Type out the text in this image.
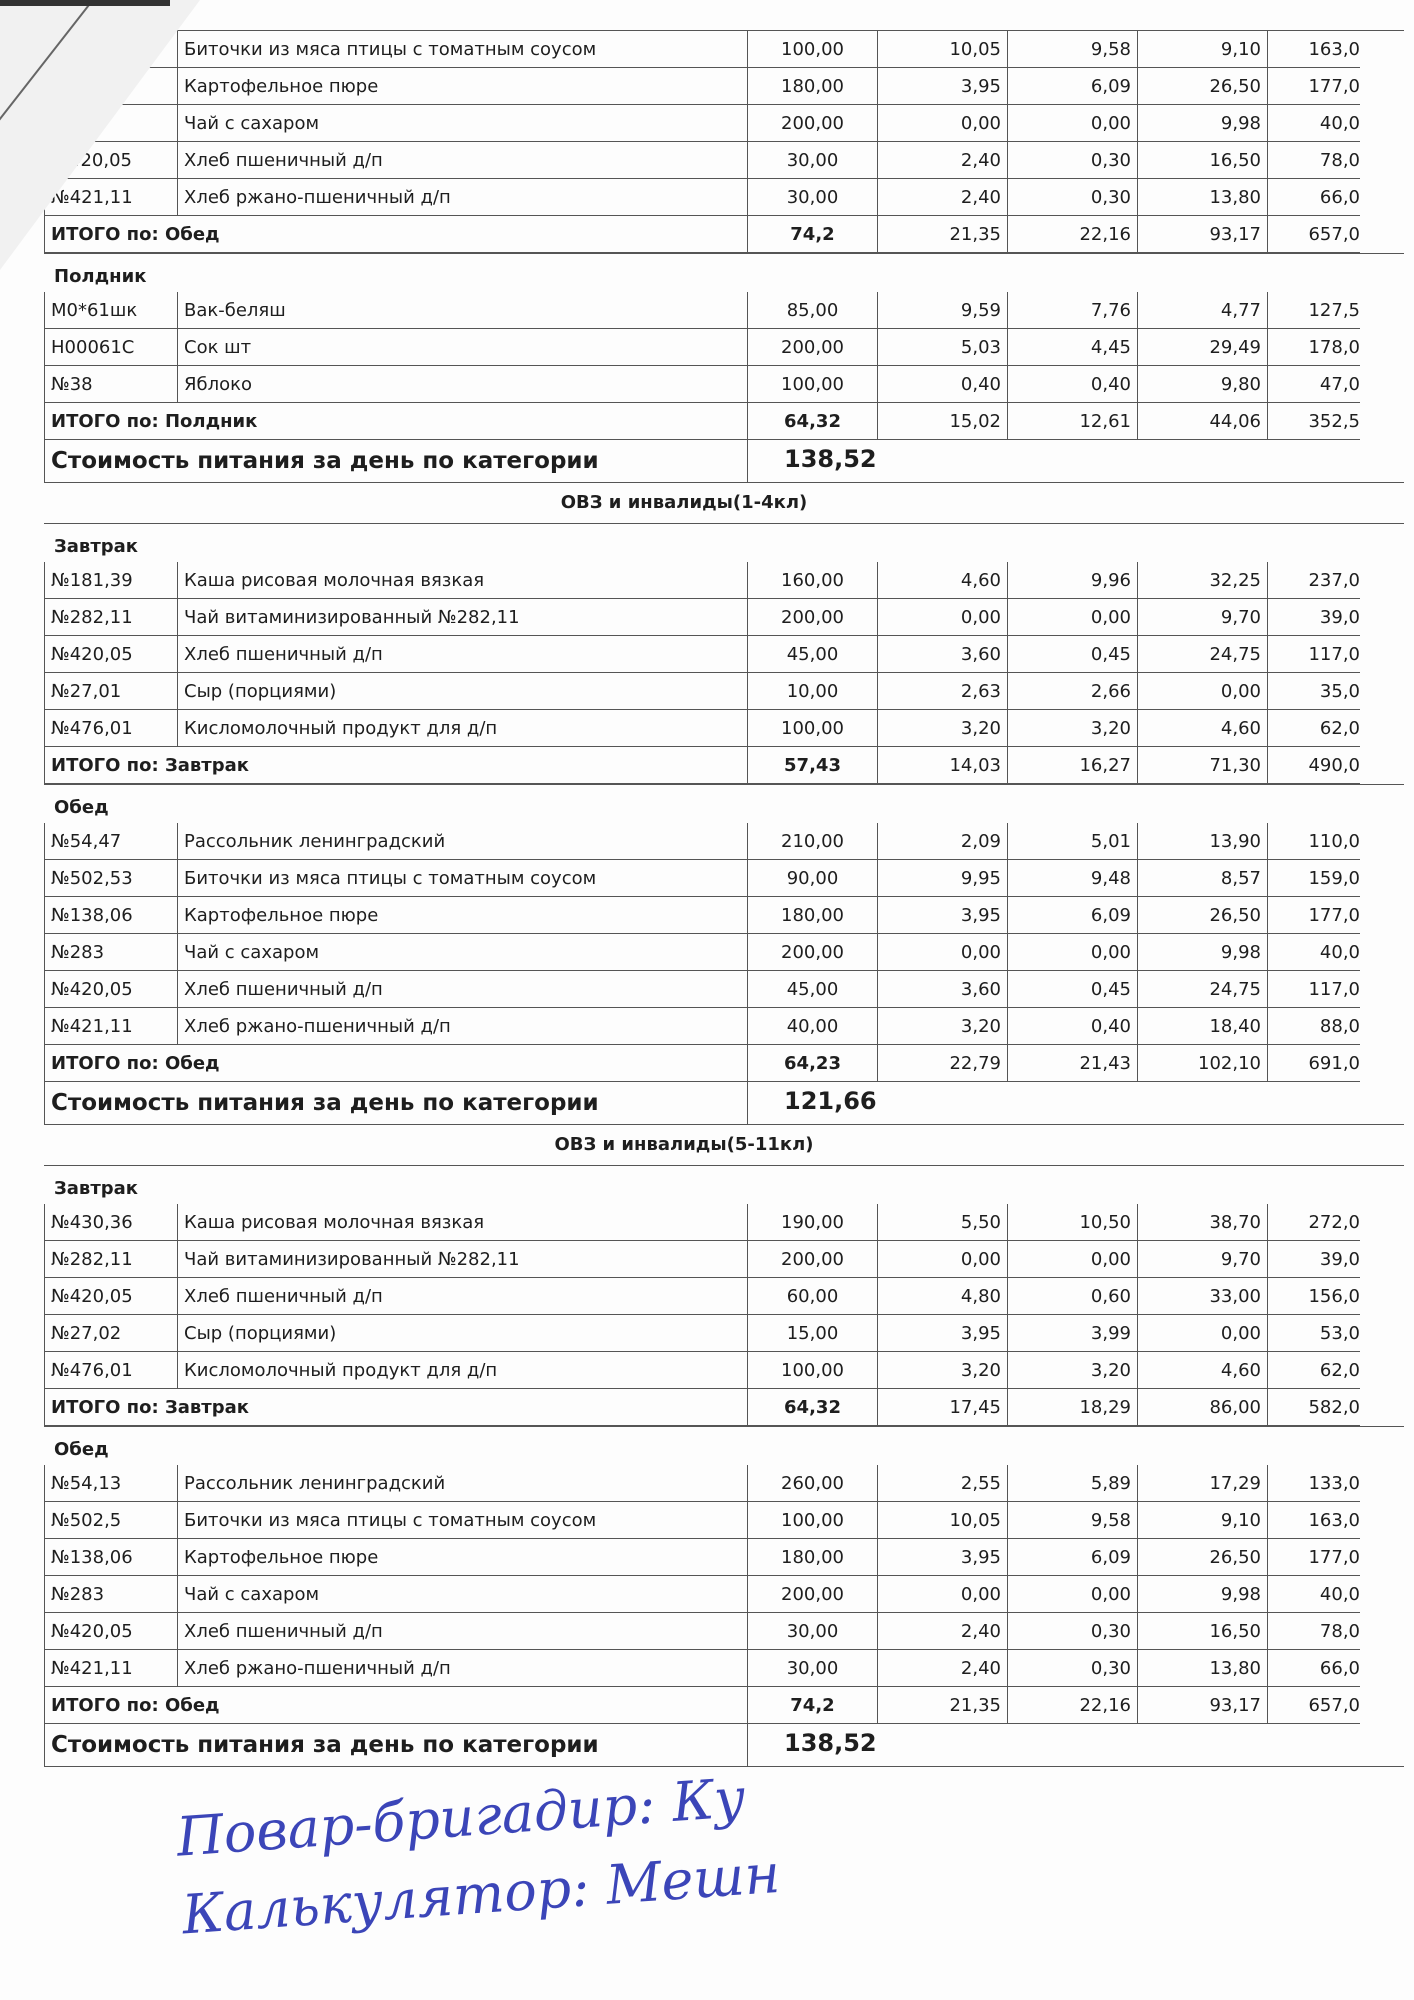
Биточки из мяса птицы с томатным соусом	100,00	10,05	9,58	9,10	163,0
…06	Картофельное пюре	180,00	3,95	6,09	26,50	177,0
…3	Чай с сахаром	200,00	0,00	0,00	9,98	40,0
…420,05	Хлеб пшеничный д/п	30,00	2,40	0,30	16,50	78,0
№421,11	Хлеб ржано-пшеничный д/п	30,00	2,40	0,30	13,80	66,0
ИТОГО по: Обед	74,2	21,35	22,16	93,17	657,0
Полдник
М0*61шк	Вак-беляш	85,00	9,59	7,76	4,77	127,5
Н00061С	Сок шт	200,00	5,03	4,45	29,49	178,0
№38	Яблоко	100,00	0,40	0,40	9,80	47,0
ИТОГО по: Полдник	64,32	15,02	12,61	44,06	352,5
Стоимость питания за день по категории	138,52
ОВЗ и инвалиды(1-4кл)
Завтрак
№181,39	Каша рисовая молочная вязкая	160,00	4,60	9,96	32,25	237,0
№282,11	Чай витаминизированный №282,11	200,00	0,00	0,00	9,70	39,0
№420,05	Хлеб пшеничный д/п	45,00	3,60	0,45	24,75	117,0
№27,01	Сыр (порциями)	10,00	2,63	2,66	0,00	35,0
№476,01	Кисломолочный продукт для д/п	100,00	3,20	3,20	4,60	62,0
ИТОГО по: Завтрак	57,43	14,03	16,27	71,30	490,0
Обед
№54,47	Рассольник ленинградский	210,00	2,09	5,01	13,90	110,0
№502,53	Биточки из мяса птицы с томатным соусом	90,00	9,95	9,48	8,57	159,0
№138,06	Картофельное пюре	180,00	3,95	6,09	26,50	177,0
№283	Чай с сахаром	200,00	0,00	0,00	9,98	40,0
№420,05	Хлеб пшеничный д/п	45,00	3,60	0,45	24,75	117,0
№421,11	Хлеб ржано-пшеничный д/п	40,00	3,20	0,40	18,40	88,0
ИТОГО по: Обед	64,23	22,79	21,43	102,10	691,0
Стоимость питания за день по категории	121,66
ОВЗ и инвалиды(5-11кл)
Завтрак
№430,36	Каша рисовая молочная вязкая	190,00	5,50	10,50	38,70	272,0
№282,11	Чай витаминизированный №282,11	200,00	0,00	0,00	9,70	39,0
№420,05	Хлеб пшеничный д/п	60,00	4,80	0,60	33,00	156,0
№27,02	Сыр (порциями)	15,00	3,95	3,99	0,00	53,0
№476,01	Кисломолочный продукт для д/п	100,00	3,20	3,20	4,60	62,0
ИТОГО по: Завтрак	64,32	17,45	18,29	86,00	582,0
Обед
№54,13	Рассольник ленинградский	260,00	2,55	5,89	17,29	133,0
№502,5	Биточки из мяса птицы с томатным соусом	100,00	10,05	9,58	9,10	163,0
№138,06	Картофельное пюре	180,00	3,95	6,09	26,50	177,0
№283	Чай с сахаром	200,00	0,00	0,00	9,98	40,0
№420,05	Хлеб пшеничный д/п	30,00	2,40	0,30	16,50	78,0
№421,11	Хлеб ржано-пшеничный д/п	30,00	2,40	0,30	13,80	66,0
ИТОГО по: Обед	74,2	21,35	22,16	93,17	657,0
Стоимость питания за день по категории	138,52
Повар-бригадир: Ку
Калькулятор: Мешн
